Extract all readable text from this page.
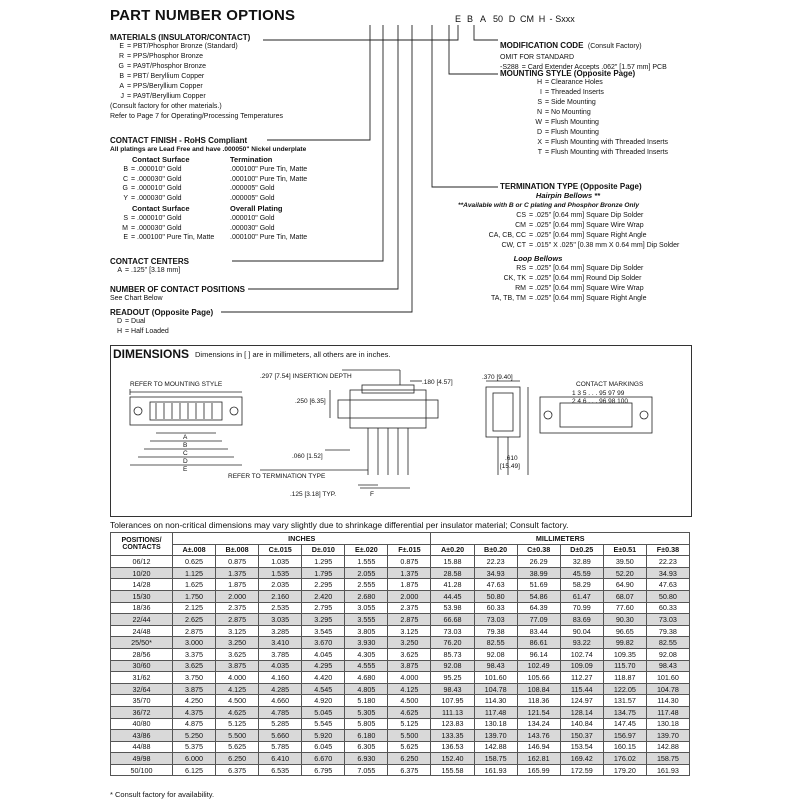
PART NUMBER OPTIONS	E B A 50 D CM H - Sxxx
MATERIALS (INSULATOR/CONTACT)
E = PBT/Phosphor Bronze (Standard)
R = PPS/Phosphor Bronze
G = PA9T/Phosphor Bronze
B = PBT/ Beryllium Copper
A = PPS/Beryllium Copper
J = PA9T/Beryllium Copper
(Consult factory for other materials.)
Refer to Page 7 for Operating/Processing Temperatures
CONTACT FINISH - RoHS Compliant
All platings are Lead Free and have .000050" Nickel underplate
Contact Surface	Termination
B = .000010" Gold	.000100" Pure Tin, Matte
C = .000030" Gold	.000100" Pure Tin, Matte
G = .000010" Gold	.000005" Gold
Y = .000030" Gold	.000005" Gold
Contact Surface	Overall Plating
S = .000010" Gold	.000010" Gold
M = .000030" Gold	.000030" Gold
E = .000100" Pure Tin, Matte	.000100" Pure Tin, Matte
CONTACT CENTERS
A = .125" [3.18 mm]
NUMBER OF CONTACT POSITIONS
See Chart Below
READOUT (Opposite Page)
D = Dual
H = Half Loaded
MODIFICATION CODE (Consult Factory)
OMIT FOR STANDARD
-S288 = Card Extender Accepts .062" [1.57 mm] PCB
MOUNTING STYLE (Opposite Page)
H = Clearance Holes
I = Threaded Inserts
S = Side Mounting
N = No Mounting
W = Flush Mounting
D = Flush Mounting
X = Flush Mounting with Threaded Inserts
T = Flush Mounting with Threaded Inserts
TERMINATION TYPE (Opposite Page)
Hairpin Bellows **
**Available with B or C plating and Phosphor Bronze Only
CS = .025" [0.64 mm] Square Dip Solder
CM = .025" [0.64 mm] Square Wire Wrap
CA, CB, CC = .025" [0.64 mm] Square Right Angle
CW, CT = .015" X .025" [0.38 mm X 0.64 mm] Dip Solder
Loop Bellows
RS = .025" [0.64 mm] Square Dip Solder
CK, TK = .025" [0.64 mm] Round Dip Solder
RM = .025" [0.64 mm] Square Wire Wrap
TA, TB, TM = .025" [0.64 mm] Square Right Angle
DIMENSIONS Dimensions in [ ] are in millimeters, all others are in inches.
REFER TO MOUNTING STYLE
.297 [7.54] INSERTION DEPTH
.180 [4.57]
.250 [6.35]
.060 [1.52]
REFER TO TERMINATION TYPE
.125 [3.18] TYP.
.370 [9.40]
.610
[15.49]
CONTACT MARKINGS
1 3 5 . . . 95 97 99
2 4 6 . . . 96 98 100
A
B
C
D
E
F
Tolerances on non-critical dimensions may vary slightly due to shrinkage differential per insulator material; Consult factory.
POSITIONS/ CONTACTS	INCHES						MILLIMETERS					
	A±.008	B±.008	C±.015	D±.010	E±.020	F±.015	A±0.20	B±0.20	C±0.38	D±0.25	E±0.51	F±0.38
06/12	0.625	0.875	1.035	1.295	1.555	0.875	15.88	22.23	26.29	32.89	39.50	22.23
10/20	1.125	1.375	1.535	1.795	2.055	1.375	28.58	34.93	38.99	45.59	52.20	34.93
14/28	1.625	1.875	2.035	2.295	2.555	1.875	41.28	47.63	51.69	58.29	64.90	47.63
15/30	1.750	2.000	2.160	2.420	2.680	2.000	44.45	50.80	54.86	61.47	68.07	50.80
18/36	2.125	2.375	2.535	2.795	3.055	2.375	53.98	60.33	64.39	70.99	77.60	60.33
22/44	2.625	2.875	3.035	3.295	3.555	2.875	66.68	73.03	77.09	83.69	90.30	73.03
24/48	2.875	3.125	3.285	3.545	3.805	3.125	73.03	79.38	83.44	90.04	96.65	79.38
25/50*	3.000	3.250	3.410	3.670	3.930	3.250	76.20	82.55	86.61	93.22	99.82	82.55
28/56	3.375	3.625	3.785	4.045	4.305	3.625	85.73	92.08	96.14	102.74	109.35	92.08
30/60	3.625	3.875	4.035	4.295	4.555	3.875	92.08	98.43	102.49	109.09	115.70	98.43
31/62	3.750	4.000	4.160	4.420	4.680	4.000	95.25	101.60	105.66	112.27	118.87	101.60
32/64	3.875	4.125	4.285	4.545	4.805	4.125	98.43	104.78	108.84	115.44	122.05	104.78
35/70	4.250	4.500	4.660	4.920	5.180	4.500	107.95	114.30	118.36	124.97	131.57	114.30
36/72	4.375	4.625	4.785	5.045	5.305	4.625	111.13	117.48	121.54	128.14	134.75	117.48
40/80	4.875	5.125	5.285	5.545	5.805	5.125	123.83	130.18	134.24	140.84	147.45	130.18
43/86	5.250	5.500	5.660	5.920	6.180	5.500	133.35	139.70	143.76	150.37	156.97	139.70
44/88	5.375	5.625	5.785	6.045	6.305	5.625	136.53	142.88	146.94	153.54	160.15	142.88
49/98	6.000	6.250	6.410	6.670	6.930	6.250	152.40	158.75	162.81	169.42	176.02	158.75
50/100	6.125	6.375	6.535	6.795	7.055	6.375	155.58	161.93	165.99	172.59	179.20	161.93
* Consult factory for availability.
